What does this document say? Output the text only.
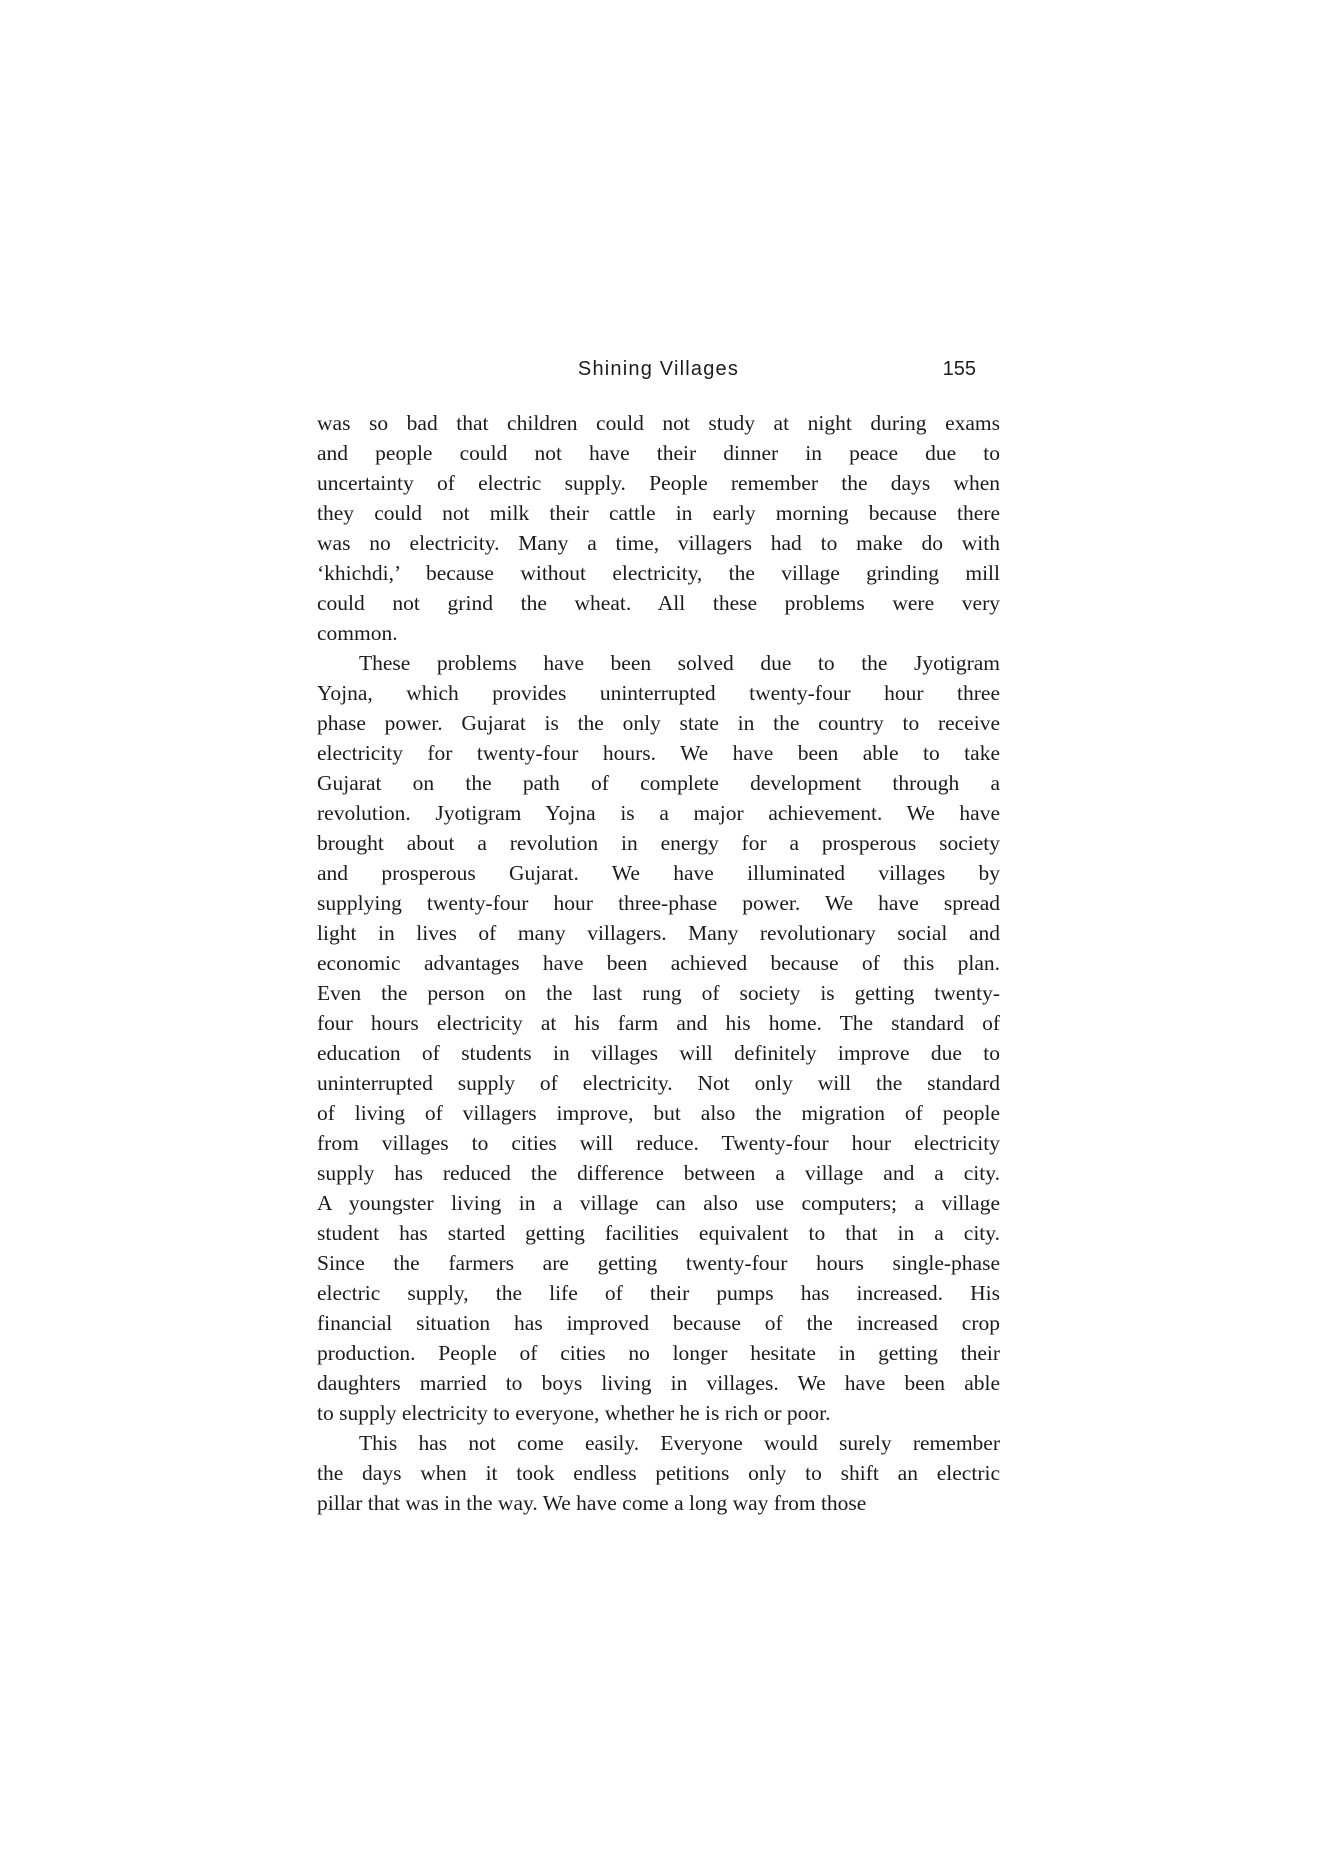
Shining Villages	155
was so bad that children could not study at night during exams
and people could not have their dinner in peace due to
uncertainty of electric supply. People remember the days when
they could not milk their cattle in early morning because there
was no electricity. Many a time, villagers had to make do with
‘khichdi,’ because without electricity, the village grinding mill
could not grind the wheat. All these problems were very
common.
These problems have been solved due to the Jyotigram
Yojna, which provides uninterrupted twenty-four hour three
phase power. Gujarat is the only state in the country to receive
electricity for twenty-four hours. We have been able to take
Gujarat on the path of complete development through a
revolution. Jyotigram Yojna is a major achievement. We have
brought about a revolution in energy for a prosperous society
and prosperous Gujarat. We have illuminated villages by
supplying twenty-four hour three-phase power. We have spread
light in lives of many villagers. Many revolutionary social and
economic advantages have been achieved because of this plan.
Even the person on the last rung of society is getting twenty-
four hours electricity at his farm and his home. The standard of
education of students in villages will definitely improve due to
uninterrupted supply of electricity. Not only will the standard
of living of villagers improve, but also the migration of people
from villages to cities will reduce. Twenty-four hour electricity
supply has reduced the difference between a village and a city.
A youngster living in a village can also use computers; a village
student has started getting facilities equivalent to that in a city.
Since the farmers are getting twenty-four hours single-phase
electric supply, the life of their pumps has increased. His
financial situation has improved because of the increased crop
production. People of cities no longer hesitate in getting their
daughters married to boys living in villages. We have been able
to supply electricity to everyone, whether he is rich or poor.
This has not come easily. Everyone would surely remember
the days when it took endless petitions only to shift an electric
pillar that was in the way. We have come a long way from those
